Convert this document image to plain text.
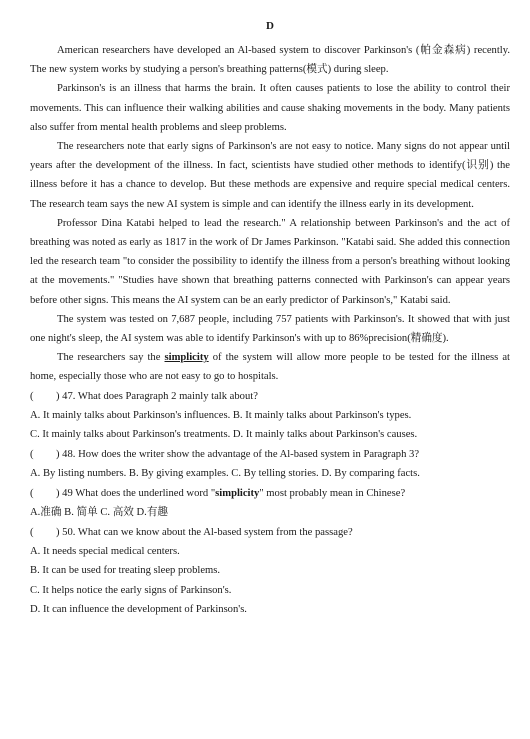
D

American researchers have developed an Al-based system to discover Parkinson's (帕金森病) recently. The new system works by studying a person's breathing patterns(模式) during sleep.

Parkinson's is an illness that harms the brain. It often causes patients to lose the ability to control their movements. This can influence their walking abilities and cause shaking movements in the body. Many patients also suffer from mental health problems and sleep problems.

The researchers note that early signs of Parkinson's are not easy to notice. Many signs do not appear until years after the development of the illness. In fact, scientists have studied other methods to identify(识别) the illness before it has a chance to develop. But these methods are expensive and require special medical centers. The research team says the new AI system is simple and can identify the illness early in its development.

Professor Dina Katabi helped to lead the research." A relationship between Parkinson's and the act of breathing was noted as early as 1817 in the work of Dr James Parkinson. "Katabi said. She added this connection led the research team "to consider the possibility to identify the illness from a person's breathing without looking at the movements." "Studies have shown that breathing patterns connected with Parkinson's can appear years before other signs. This means the AI system can be an early predictor of Parkinson's," Katabi said.

The system was tested on 7,687 people, including 757 patients with Parkinson's. It showed that with just one night's sleep, the AI system was able to identify Parkinson's with up to 86%precision(精确度).

The researchers say the simplicity of the system will allow more people to be tested for the illness at home, especially those who are not easy to go to hospitals.

( ) 47. What does Paragraph 2 mainly talk about?
A. It mainly talks about Parkinson's influences. B. It mainly talks about Parkinson's types.
C. It mainly talks about Parkinson's treatments. D. It mainly talks about Parkinson's causes.
( ) 48. How does the writer show the advantage of the Al-based system in Paragraph 3?
A. By listing numbers. B. By giving examples. C. By telling stories. D. By comparing facts.
( ) 49 What does the underlined word "simplicity" most probably mean in Chinese?
A.准确 B. 简单 C. 高效 D.有趣
( ) 50. What can we know about the Al-based system from the passage?
A. It needs special medical centers.
B. It can be used for treating sleep problems.
C. It helps notice the early signs of Parkinson's.
D. It can influence the development of Parkinson's.
